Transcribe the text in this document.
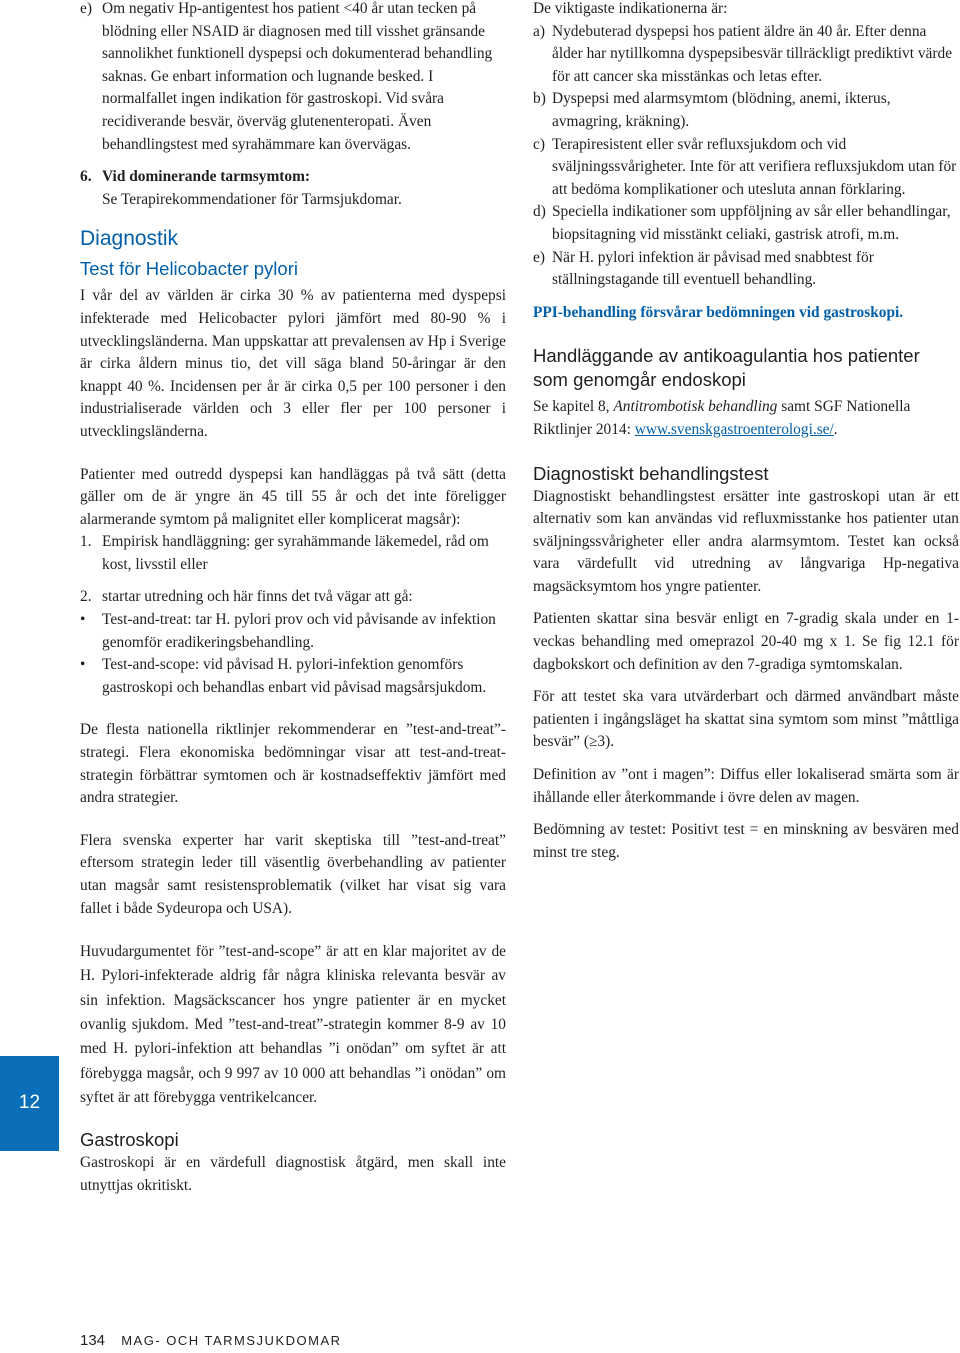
e) Om negativ Hp-antigentest hos patient <40 år utan tecken på blödning eller NSAID är diagnosen med till visshet gränsande sannolikhet funktionell dyspepsi och dokumenterad behandling saknas. Ge enbart information och lugnande besked. I normalfallet ingen indikation för gastroskopi. Vid svåra recidiverande besvär, överväg glutenenteropati. Även behandlingstest med syrahämmare kan övervägas.
6. Vid dominerande tarmsymtom:
Se Terapirekommendationer för Tarmsjukdomar.
Diagnostik
Test för Helicobacter pylori

I vår del av världen är cirka 30 % av patienterna med dyspepsi infekterade med Helicobacter pylori jämfört med 80-90 % i utvecklingsländerna. Man uppskattar att prevalensen av Hp i Sverige är cirka åldern minus tio, det vill säga bland 50-åringar är den knappt 40 %. Incidensen per år är cirka 0,5 per 100 personer i den industrialiserade världen och 3 eller fler per 100 personer i utvecklingsländerna.

Patienter med outredd dyspepsi kan handläggas på två sätt (detta gäller om de är yngre än 45 till 55 år och det inte föreligger alarmerande symtom på malignitet eller komplicerat magsår):

1. Empirisk handläggning: ger syrahämmande läkemedel, råd om kost, livsstil eller
2. startar utredning och här finns det två vägar att gå:
•	Test-and-treat: tar H. pylori prov och vid påvisande av infektion genomför eradikeringsbehandling.
•	Test-and-scope: vid påvisad H. pylori-infektion genomförs gastroskopi och behandlas enbart vid påvisad magsårsjukdom.

De flesta nationella riktlinjer rekommenderar en ”test-and-treat”-strategi. Flera ekonomiska bedömningar visar att test-and-treat-strategin förbättrar symtomen och är kostnadseffektiv jämfört med andra strategier.

Flera svenska experter har varit skeptiska till ”test-and-treat” eftersom strategin leder till väsentlig överbehandling av patienter utan magsår samt resistensproblematik (vilket har visat sig vara fallet i både Sydeuropa och USA).

Huvudargumentet för ”test-and-scope” är att en klar majoritet av de H. Pylori-infekterade aldrig får några kliniska relevanta besvär av sin infektion. Magsäckscancer hos yngre patienter är en mycket ovanlig sjukdom. Med ”test-and-treat”-strategin kommer 8-9 av 10 med H. pylori-infektion att behandlas ”i onödan” om syftet är att förebygga magsår, och 9 997 av 10 000 att behandlas ”i onödan” om syftet är att förebygga ventrikelcancer.

Gastroskopi

Gastroskopi är en värdefull diagnostisk åtgärd, men skall inte utnyttjas okritiskt.

De viktigaste indikationerna är:
a) Nydebuterad dyspepsi hos patient äldre än 40 år. Efter denna ålder har nytillkomna dyspepsibesvär tillräckligt prediktivt värde för att cancer ska misstänkas och letas efter.
b) Dyspepsi med alarmsymtom (blödning, anemi, ikterus, avmagring, kräkning).
c) Terapiresistent eller svår refluxsjukdom och vid sväljningssvårigheter. Inte för att verifiera refluxsjukdom utan för att bedöma komplikationer och utesluta annan förklaring.
d) Speciella indikationer som uppföljning av sår eller behandlingar, biopsitagning vid misstänkt celiaki, gastrisk atrofi, m.m.
e) När H. pylori infektion är påvisad med snabbtest för ställningstagande till eventuell behandling.
PPI-behandling försvårar bedömningen vid gastroskopi.
Handläggande av antikoagulantia hos patienter som genomgår endoskopi

Se kapitel 8, Antitrombotisk behandling samt SGF Nationella Riktlinjer 2014: www.svenskgastroenterologi.se/.

Diagnostiskt behandlingstest

Diagnostiskt behandlingstest ersätter inte gastroskopi utan är ett alternativ som kan användas vid refluxmisstanke hos patienter utan sväljningssvårigheter eller andra alarmsymtom. Testet kan också vara värdefullt vid utredning av långvariga Hp-negativa magsäcksymtom hos yngre patienter.

Patienten skattar sina besvär enligt en 7-gradig skala under en 1-veckas behandling med omeprazol 20-40 mg x 1. Se fig 12.1 för dagbokskort och definition av den 7-gradiga symtomskalan.

För att testet ska vara utvärderbart och därmed användbart måste patienten i ingångsläget ha skattat sina symtom som minst ”måttliga besvär” (≥3).

Definition av ”ont i magen”: Diffus eller lokaliserad smärta som är ihållande eller återkommande i övre delen av magen.

Bedömning av testet: Positivt test = en minskning av besvären med minst tre steg.

12
134 MAG- OCH TARMSJUKDOMAR
